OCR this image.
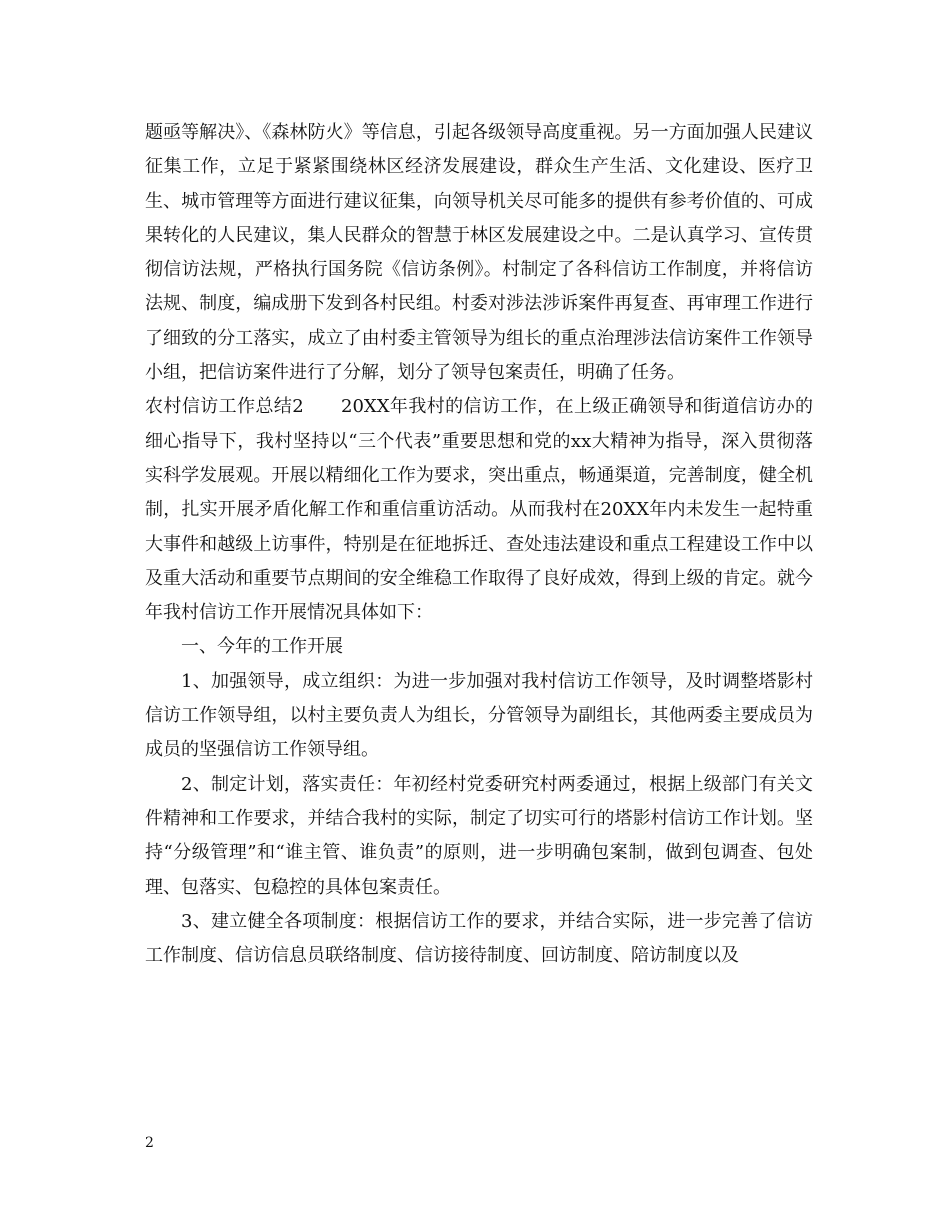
题亟等解决》、《森林防火》等信息，引起各级领导高度重视。另一方面加强人民建议征集工作，立足于紧紧围绕林区经济发展建设，群众生产生活、文化建设、医疗卫生、城市管理等方面进行建议征集，向领导机关尽可能多的提供有参考价值的、可成果转化的人民建议，集人民群众的智慧于林区发展建设之中。二是认真学习、宣传贯彻信访法规，严格执行国务院《信访条例》。村制定了各科信访工作制度，并将信访法规、制度，编成册下发到各村民组。村委对涉法涉诉案件再复查、再审理工作进行了细致的分工落实，成立了由村委主管领导为组长的重点治理涉法信访案件工作领导小组，把信访案件进行了分解，划分了领导包案责任，明确了任务。

农村信访工作总结2　　20XX年我村的信访工作，在上级正确领导和街道信访办的细心指导下，我村坚持以“三个代表”重要思想和党的xx大精神为指导，深入贯彻落实科学发展观。开展以精细化工作为要求，突出重点，畅通渠道，完善制度，健全机制，扎实开展矛盾化解工作和重信重访活动。从而我村在20XX年内未发生一起特重大事件和越级上访事件，特别是在征地拆迁、查处违法建设和重点工程建设工作中以及重大活动和重要节点期间的安全维稳工作取得了良好成效，得到上级的肯定。就今年我村信访工作开展情况具体如下：

一、今年的工作开展

1、加强领导，成立组织：为进一步加强对我村信访工作领导，及时调整塔影村信访工作领导组，以村主要负责人为组长，分管领导为副组长，其他两委主要成员为成员的坚强信访工作领导组。

2、制定计划，落实责任：年初经村党委研究村两委通过，根据上级部门有关文件精神和工作要求，并结合我村的实际，制定了切实可行的塔影村信访工作计划。坚持“分级管理”和“谁主管、谁负责”的原则，进一步明确包案制，做到包调查、包处理、包落实、包稳控的具体包案责任。

3、建立健全各项制度：根据信访工作的要求，并结合实际，进一步完善了信访工作制度、信访信息员联络制度、信访接待制度、回访制度、陪访制度以及

2
